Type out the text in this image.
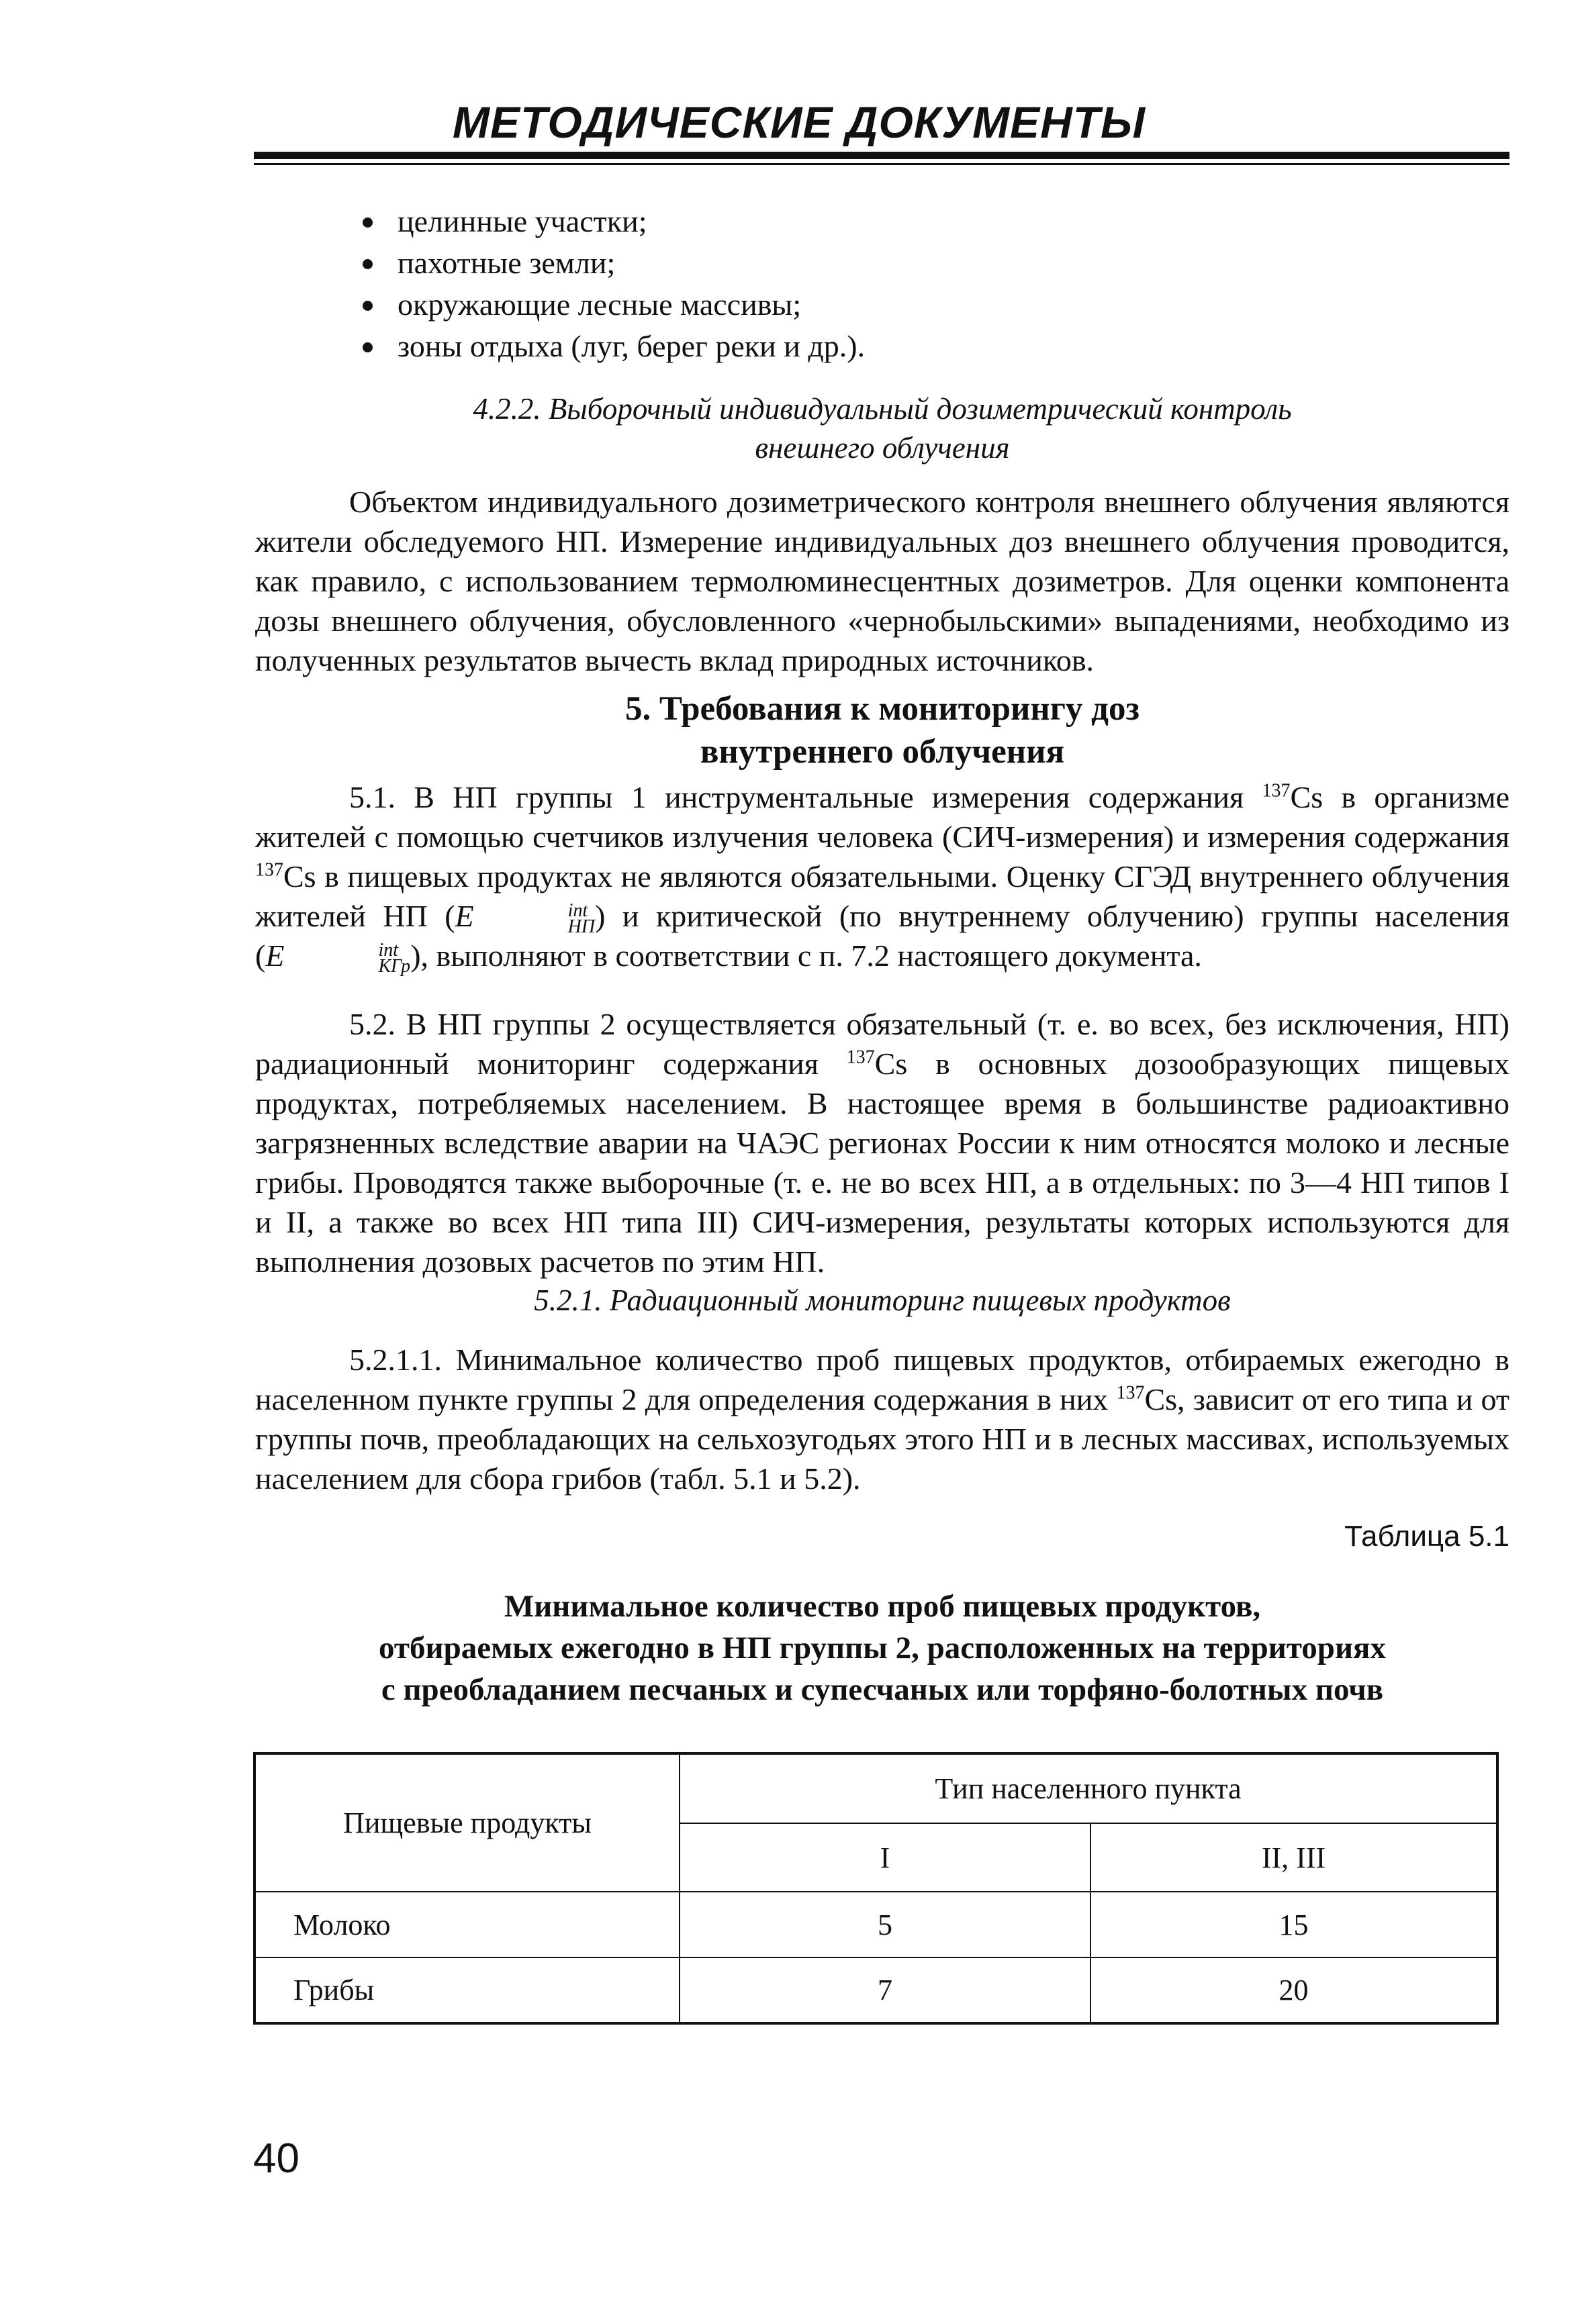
МЕТОДИЧЕСКИЕ ДОКУМЕНТЫ
целинные участки;
пахотные земли;
окружающие лесные массивы;
зоны отдыха (луг, берег реки и др.).
4.2.2. Выборочный индивидуальный дозиметрический контроль
внешнего облучения

Объектом индивидуального дозиметрического контроля внешнего облучения являются жители обследуемого НП. Измерение индивидуальных доз внешнего облучения проводится, как правило, с использованием термолюминесцентных дозиметров. Для оценки компонента дозы внешнего облучения, обусловленного «чернобыльскими» выпадениями, необходимо из полученных результатов вычесть вклад природных источников.

5. Требования к мониторингу доз
внутреннего облучения

5.1. В НП группы 1 инструментальные измерения содержания $^{137}$Cs в организме жителей с помощью счетчиков излучения человека (СИЧ-измерения) и измерения содержания $^{137}$Cs в пищевых продуктах не являются обязательными. Оценку СГЭД внутреннего облучения жителей НП (E	int
НП ) и критической (по внутреннему облучению) группы населения (E	int
КГр ), выполняют в соответствии с п. 7.2 настоящего документа.

5.2. В НП группы 2 осуществляется обязательный (т. е. во всех, без исключения, НП) радиационный мониторинг содержания $^{137}$Cs в основных дозообразующих пищевых продуктах, потребляемых населением. В настоящее время в большинстве радиоактивно загрязненных вследствие аварии на ЧАЭС регионах России к ним относятся молоко и лесные грибы. Проводятся также выборочные (т. е. не во всех НП, а в отдельных: по 3—4 НП типов I и II, а также во всех НП типа III) СИЧ-измерения, результаты которых используются для выполнения дозовых расчетов по этим НП.

5.2.1. Радиационный мониторинг пищевых продуктов

5.2.1.1. Минимальное количество проб пищевых продуктов, отбираемых ежегодно в населенном пункте группы 2 для определения содержания в них $^{137}$Cs, зависит от его типа и от группы почв, преобладающих на сельхозугодьях этого НП и в лесных массивах, используемых населением для сбора грибов (табл. 5.1 и 5.2).

Таблица 5.1
Минимальное количество проб пищевых продуктов,
отбираемых ежегодно в НП группы 2, расположенных на территориях
с преобладанием песчаных и супесчаных или торфяно-болотных почв
Пищевые продукты	Тип населенного пункта	
	I	II, III
Молоко	5	15
Грибы	7	20
40
